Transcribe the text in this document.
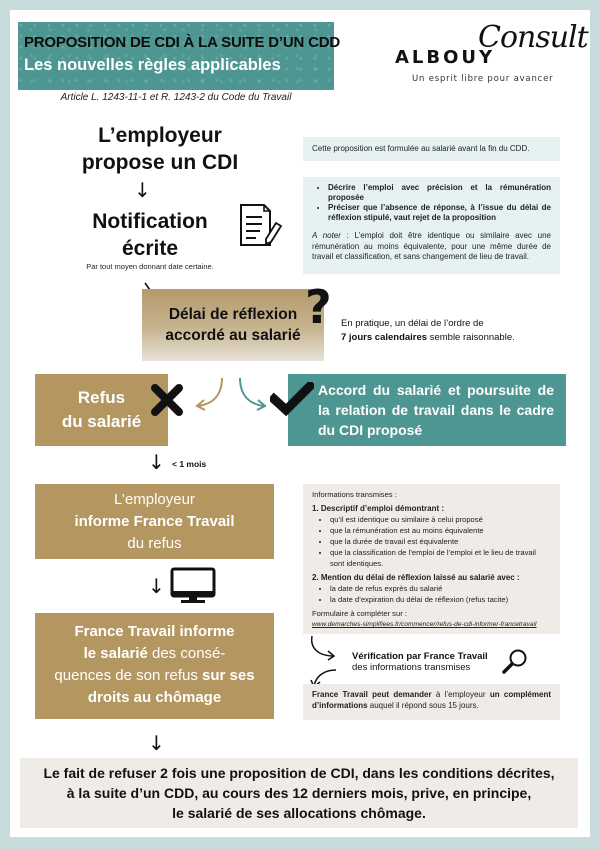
PROPOSITION DE CDI À LA SUITE D’UN CDD
Les nouvelles règles applicables
Article L. 1243-11-1 et R. 1243-2 du Code du Travail
ALBOUY
Consult
Un esprit libre pour avancer
L’employeur
propose un CDI
↓
Notification
écrite
Par tout moyen donnant date certaine.
Cette proposition est formulée au salarié avant la fin du CDD.
• Décrire l’emploi avec précision et la rémunération proposée
• Préciser que l’absence de réponse, à l’issue du délai de réflexion stipulé, vaut rejet de la proposition

A noter : L’emploi doit être identique ou similaire avec une rémunération au moins équivalente, pour une même durée de travail et classification, et sans changement de lieu de travail.

Délai de réflexion
accordé au salarié
? En pratique, un délai de l’ordre de
7 jours calendaires semble raisonnable.
Refus
du salarié
Accord du salarié et poursuite de la relation de travail dans le cadre du CDI proposé
↓ < 1 mois
L’employeur
informe France Travail
du refus
↓
France Travail informe
le salarié des consé-
quences de son refus sur ses
droits au chômage
Informations transmises :
1. Descriptif d’emploi démontrant :
• qu’il est identique ou similaire à celui proposé
• que la rémunération est au moins équivalente
• que la durée de travail est équivalente
• que la classification de l’emploi de l’emploi et le lieu de travail sont identiques.
2. Mention du délai de réflexion laissé au salarié avec :
• la date de refus exprès du salarié
• la date d’expiration du délai de réflexion (refus tacite)
Formulaire à compléter sur :
www.demarches-simplifiees.fr/commencer/refus-de-cdi-informer-francetravail
Vérification par France Travail
des informations transmises
France Travail peut demander à l’employeur un complément d’informations auquel il répond sous 15 jours.
↓
Le fait de refuser 2 fois une proposition de CDI, dans les conditions décrites,
à la suite d’un CDD, au cours des 12 derniers mois, prive, en principe,
le salarié de ses allocations chômage.
